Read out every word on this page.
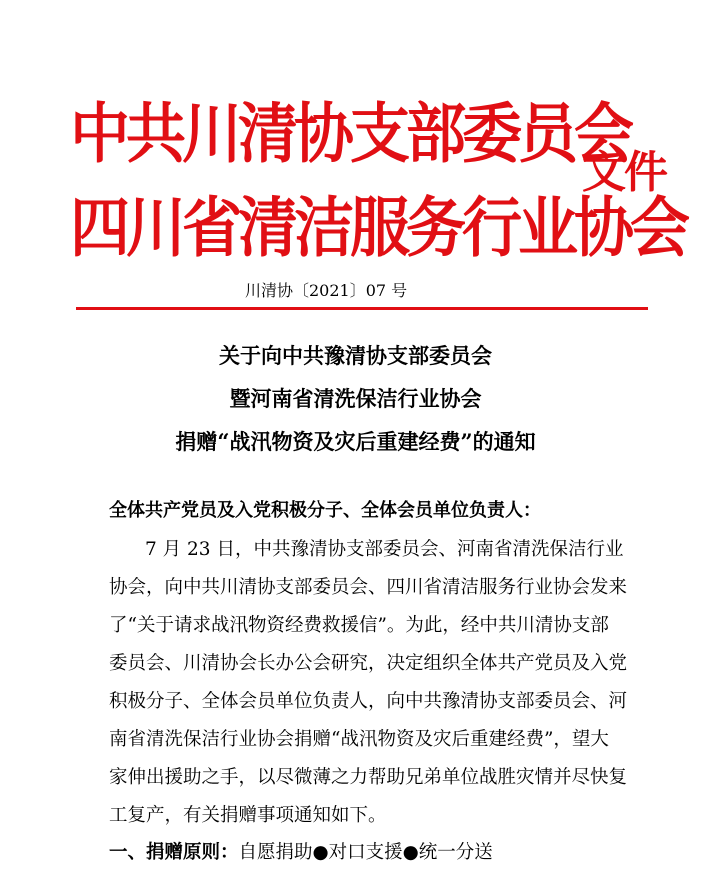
中共川清协支部委员会
四川省清洁服务行业协会
文件
川清协〔2021〕07 号
关于向中共豫清协支部委员会
暨河南省清洗保洁行业协会
捐赠“战汛物资及灾后重建经费”的通知
全体共产党员及入党积极分子、全体会员单位负责人：
7 月 23 日，中共豫清协支部委员会、河南省清洗保洁行业
协会，向中共川清协支部委员会、四川省清洁服务行业协会发来
了“关于请求战汛物资经费救援信”。为此，经中共川清协支部
委员会、川清协会长办公会研究，决定组织全体共产党员及入党
积极分子、全体会员单位负责人，向中共豫清协支部委员会、河
南省清洗保洁行业协会捐赠“战汛物资及灾后重建经费”，望大
家伸出援助之手，以尽微薄之力帮助兄弟单位战胜灾情并尽快复
工复产，有关捐赠事项通知如下。
一、捐赠原则：自愿捐助●对口支援●统一分送
